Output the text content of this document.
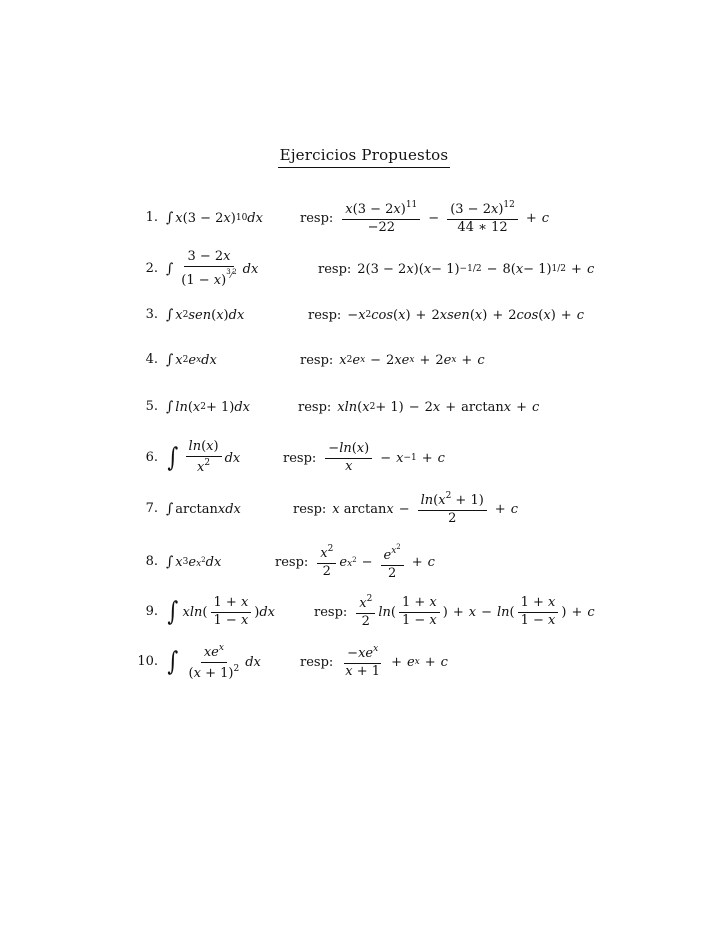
Ejercicios Propuestos
1. ∫ x (3 − 2 x ) 10 dx	resp: $\frac{x(3 - 2x)^{11}}{-22} - \frac{(3 - 2x)^{12}}{44 ∗ 12} + c$
2. ∫ $\frac{3 - 2x}{(1 - x)^{^3⁄^2}}$ dx	resp: 2(3 − 2 x )( x − 1) −1/2 − 8( x − 1) 1/2 + c
3. ∫ x 2 sen ( x ) dx	resp: − x 2 cos ( x ) + 2 xsen ( x ) + 2 cos ( x ) + c
4. ∫ x 2 e x dx	resp: x 2 e x − 2 xe x + 2 e x + c
5. ∫ ln ( x 2 + 1) dx	resp: xln ( x 2 + 1) − 2 x + arctan x + c
6. ∫ $\frac{\ln(x)}{x^2}$ dx	resp: $\frac{-\ln(x)}{x} - x -1 + c$
7. ∫ arctan xdx	resp: x $\arctan x - \frac{\ln(x^2 + 1)}{2} + c$
8. ∫ x 3 e $x^2$ dx	resp: $\frac{x^2}{2}$ e $x^2 - \frac{e^{x^2}}{2} + c$
9. ∫ xln ( $\frac{1 + x}{1 - x}$ ) dx	resp: $\frac{x^2}{2}$ ln ( $\frac{1 + x}{1 - x}$ ) + x − ln ( $\frac{1 + x}{1 - x}$ ) + c
10. ∫ $\frac{xe^x}{(x + 1)^2}$ dx	resp: $\frac{-xe^x}{x + 1} + e$ x + c
